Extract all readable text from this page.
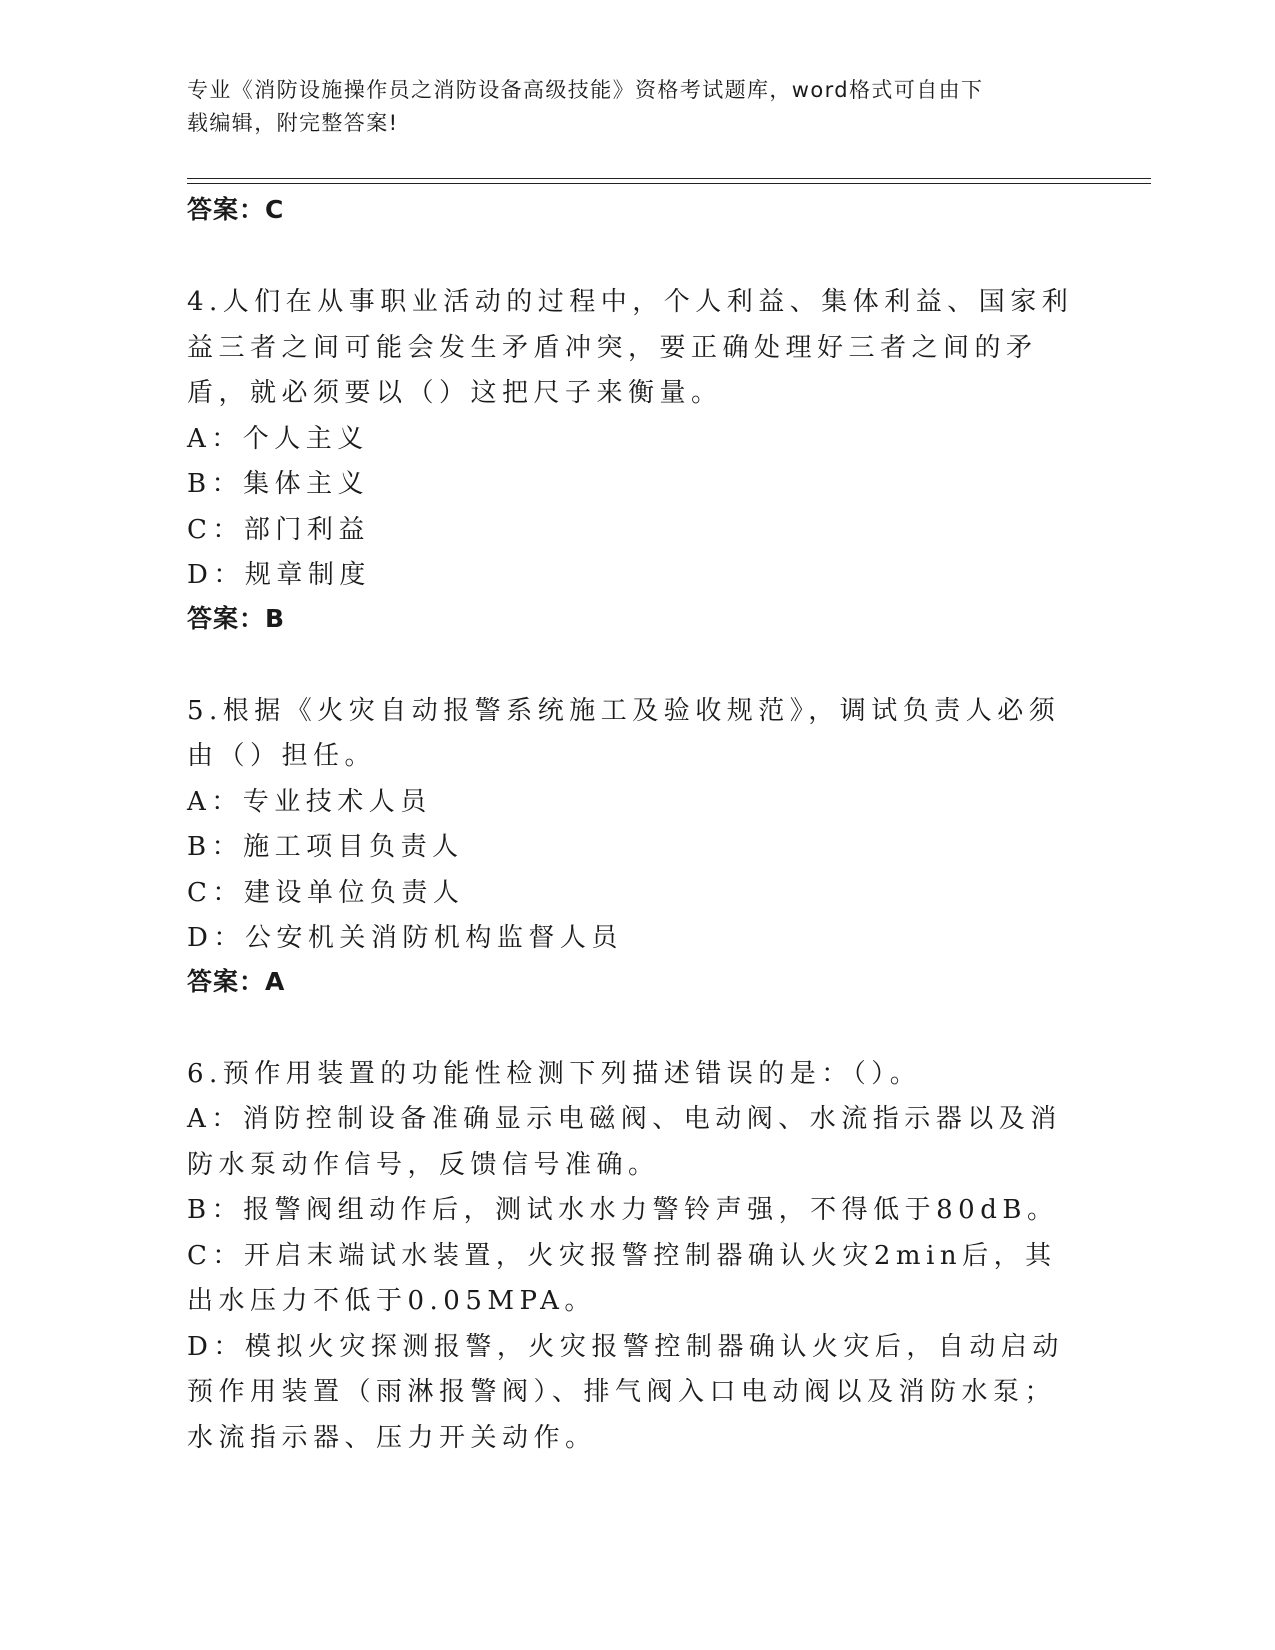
专业《消防设施操作员之消防设备高级技能》资格考试题库，word格式可自由下
载编辑，附完整答案!
答案：C

4.人们在从事职业活动的过程中，个人利益、集体利益、国家利益三者之间可能会发生矛盾冲突，要正确处理好三者之间的矛盾，就必须要以（）这把尺子来衡量。

A：个人主义

B：集体主义

C：部门利益

D：规章制度

答案：B

5.根据《火灾自动报警系统施工及验收规范》，调试负责人必须由（）担任。

A：专业技术人员

B：施工项目负责人

C：建设单位负责人

D：公安机关消防机构监督人员

答案：A

6.预作用装置的功能性检测下列描述错误的是：（）。

A：消防控制设备准确显示电磁阀、电动阀、水流指示器以及消防水泵动作信号，反馈信号准确。

B：报警阀组动作后，测试水水力警铃声强，不得低于80dB。

C：开启末端试水装置，火灾报警控制器确认火灾2min后，其出水压力不低于0.05MPA。

D：模拟火灾探测报警，火灾报警控制器确认火灾后，自动启动预作用装置（雨淋报警阀）、排气阀入口电动阀以及消防水泵；水流指示器、压力开关动作。
